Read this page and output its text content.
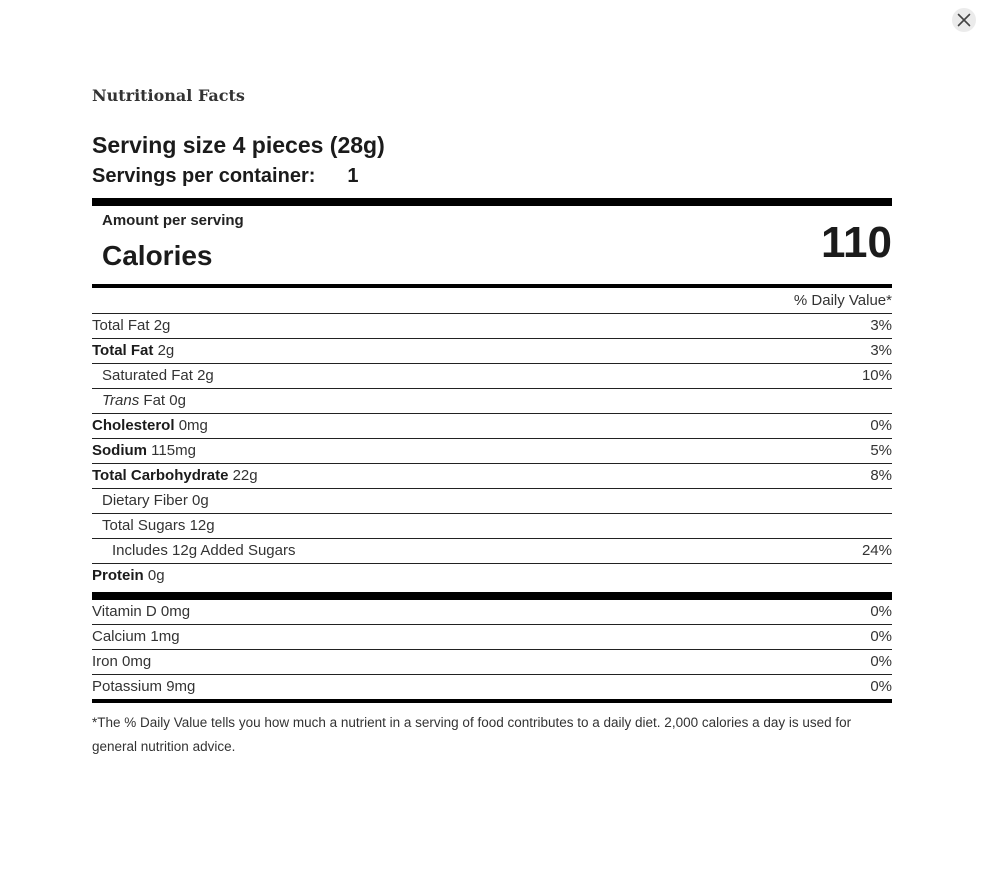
Nutritional Facts
Serving size 4 pieces (28g)
Servings per container: 1
Amount per serving
Calories	110
% Daily Value*
Total Fat 2g	3%
Total Fat 2g	3%
Saturated Fat 2g	10%
Trans Fat 0g
Cholesterol 0mg	0%
Sodium 115mg	5%
Total Carbohydrate 22g	8%
Dietary Fiber 0g
Total Sugars 12g
Includes 12g Added Sugars	24%
Protein 0g
Vitamin D 0mg	0%
Calcium 1mg	0%
Iron 0mg	0%
Potassium 9mg	0%
*The % Daily Value tells you how much a nutrient in a serving of food contributes to a daily diet. 2,000 calories a day is used for general nutrition advice.
